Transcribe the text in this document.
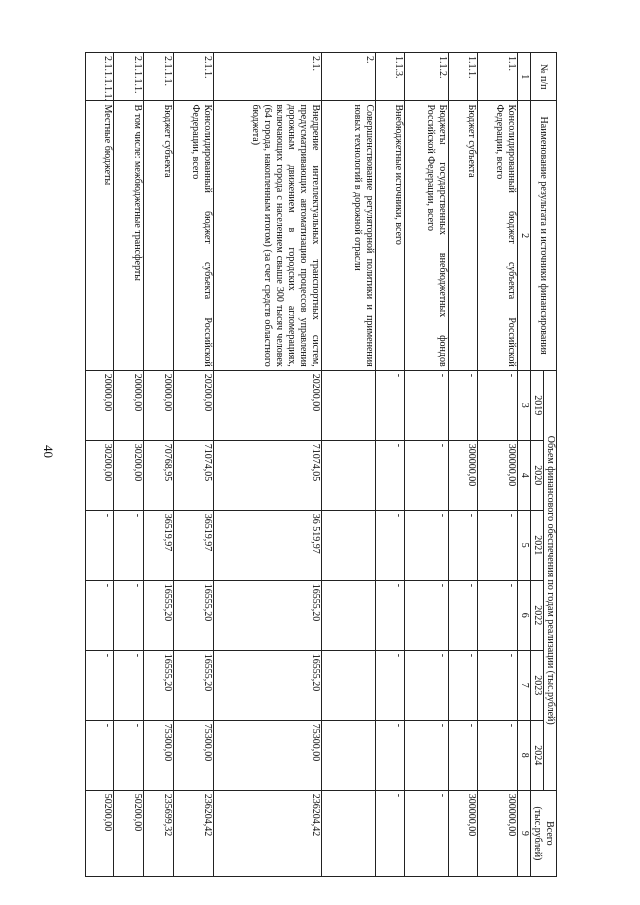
40
№ п/п	Наименование результата и источники финансирования	Объем финансового обеспечения по годам реализации (тыс.рублей)						Всего (тыс.рублей)
		2019	2020	2021	2022	2023	2024	
1	2	3	4	5	6	7	8	9
1.1.	Консолидированный бюджет субъекта Российской Федерации, всего	-	300000,00	-	-	-	-	300000,00
1.1.1.	Бюджет субъекта	-	300000,00	-	-	-	-	300000,00
1.1.2.	Бюджеты государственных внебюджетных фондов Российской Федерации, всего	-	-	-	-	-	-	-
1.1.3.	Внебюджетные источники, всего	-	-	-	-	-	-	-
2.	Совершенствование регуляторной политики и применения новых технологий в дорожной отрасли							
2.1.	Внедрение интеллектуальных транспортных систем, предусматривающих автоматизацию процессов управления дорожным движением в городских агломерациях, включающих города с населением свыше 300 тысяч человек (64 города, накопленным итогом) (за счет средств областного бюджета)	20200,00	71074,05	36 519,97	16555,20	16555,20	75300,00	236204,42
2.1.1.	Консолидированный бюджет субъекта Российской Федерации, всего	20200,00	71074,05	36519,97	16555,20	16555,20	75300,00	236204,42
2.1.1.1.	Бюджет субъекта	20000,00	70768,95	36519,97	16555,20	16555,20	75300,00	235699,32
2.1.1.1.1.	В том числе: межбюджетные трансферты	20000,00	30200,00	-	-	-	-	50200,00
2.1.1.1.1.1.	Местные бюджеты	20000,00	30200,00	-	-	-	-	50200,00
